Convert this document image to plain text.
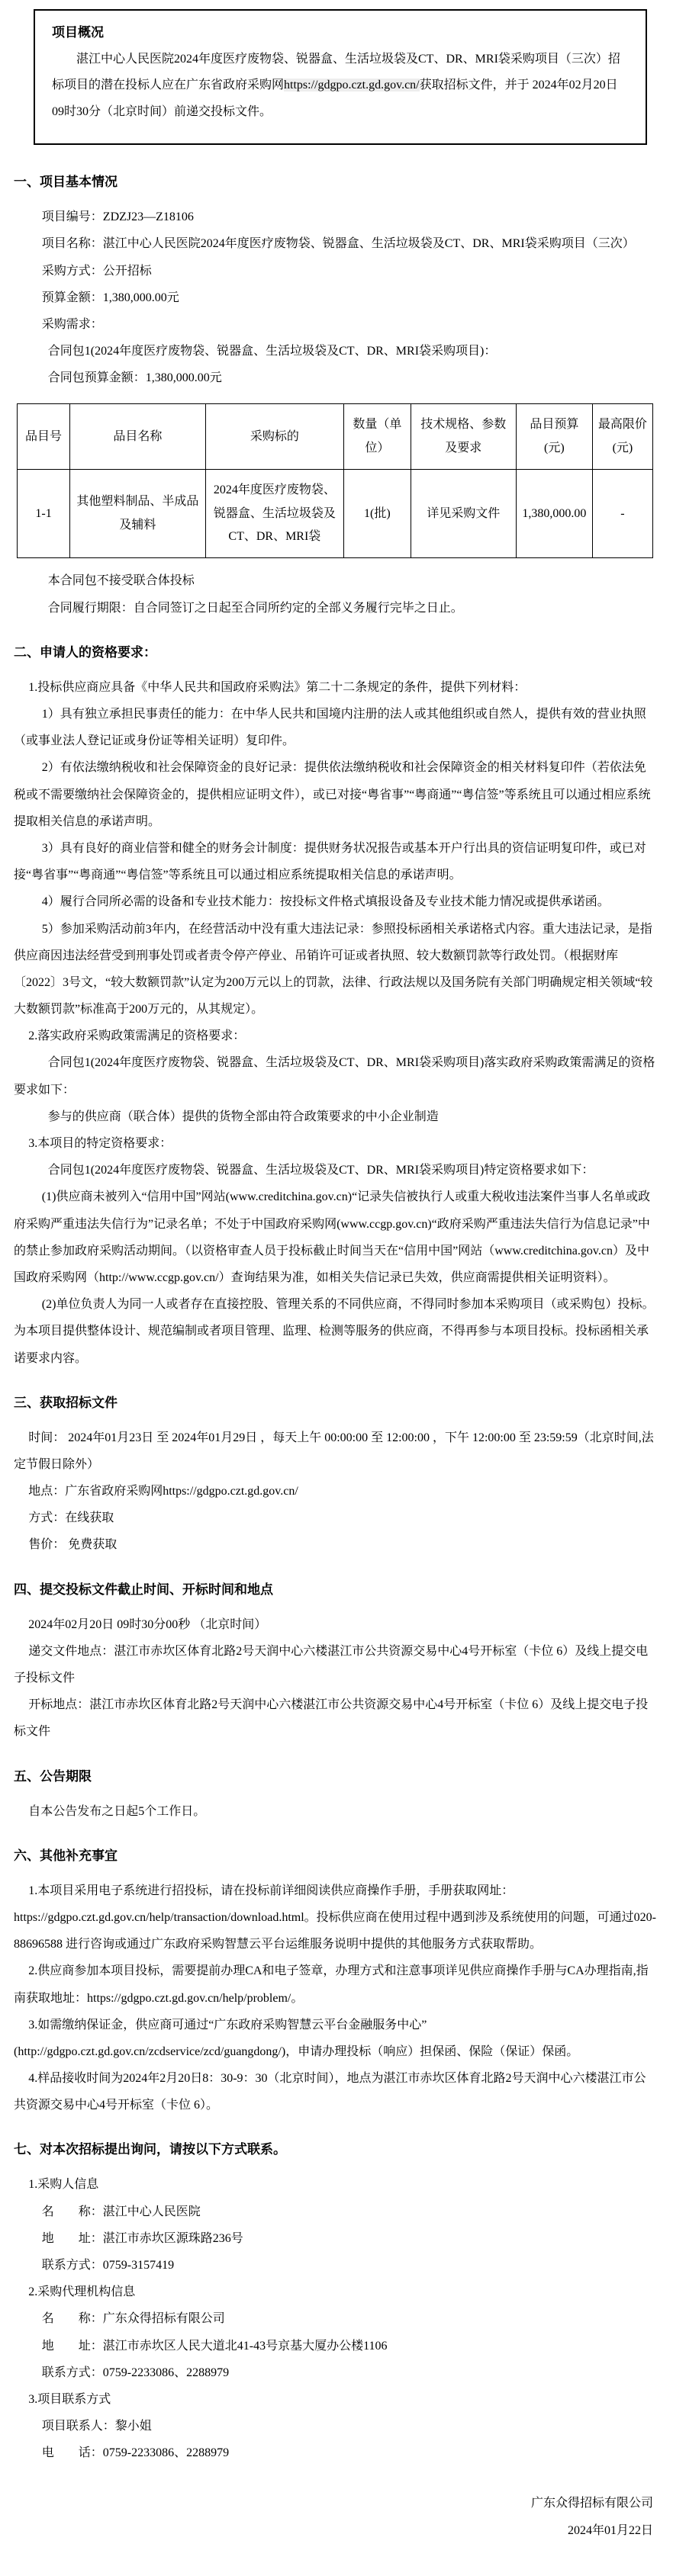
项目概况

湛江中心人民医院2024年度医疗废物袋、锐器盒、生活垃圾袋及CT、DR、MRI袋采购项目（三次）招标项目的潜在投标人应在广东省政府采购网https://gdgpo.czt.gd.gov.cn/获取招标文件，并于 2024年02月20日 09时30分（北京时间）前递交投标文件。

一、项目基本情况

项目编号：ZDZJ23—Z18106

项目名称：湛江中心人民医院2024年度医疗废物袋、锐器盒、生活垃圾袋及CT、DR、MRI袋采购项目（三次）

采购方式：公开招标

预算金额：1,380,000.00元

采购需求：

合同包1(2024年度医疗废物袋、锐器盒、生活垃圾袋及CT、DR、MRI袋采购项目)：

合同包预算金额：1,380,000.00元

品目号	品目名称	采购标的	数量（单位）	技术规格、参数及要求	品目预算(元)	最高限价(元)
1-1	其他塑料制品、半成品及辅料	2024年度医疗废物袋、锐器盒、生活垃圾袋及CT、DR、MRI袋	1(批)	详见采购文件	1,380,000.00	-

本合同包不接受联合体投标

合同履行期限：自合同签订之日起至合同所约定的全部义务履行完毕之日止。

二、申请人的资格要求：

1.投标供应商应具备《中华人民共和国政府采购法》第二十二条规定的条件，提供下列材料：

1）具有独立承担民事责任的能力：在中华人民共和国境内注册的法人或其他组织或自然人，提供有效的营业执照（或事业法人登记证或身份证等相关证明）复印件。

2）有依法缴纳税收和社会保障资金的良好记录：提供依法缴纳税收和社会保障资金的相关材料复印件（若依法免税或不需要缴纳社会保障资金的，提供相应证明文件），或已对接“粤省事”“粤商通”“粤信签”等系统且可以通过相应系统提取相关信息的承诺声明。

3）具有良好的商业信誉和健全的财务会计制度：提供财务状况报告或基本开户行出具的资信证明复印件，或已对接“粤省事”“粤商通”“粤信签”等系统且可以通过相应系统提取相关信息的承诺声明。

4）履行合同所必需的设备和专业技术能力：按投标文件格式填报设备及专业技术能力情况或提供承诺函。

5）参加采购活动前3年内，在经营活动中没有重大违法记录：参照投标函相关承诺格式内容。重大违法记录，是指供应商因违法经营受到刑事处罚或者责令停产停业、吊销许可证或者执照、较大数额罚款等行政处罚。（根据财库〔2022〕3号文，“较大数额罚款”认定为200万元以上的罚款，法律、行政法规以及国务院有关部门明确规定相关领域“较大数额罚款”标准高于200万元的，从其规定）。

2.落实政府采购政策需满足的资格要求：

合同包1(2024年度医疗废物袋、锐器盒、生活垃圾袋及CT、DR、MRI袋采购项目)落实政府采购政策需满足的资格要求如下：

参与的供应商（联合体）提供的货物全部由符合政策要求的中小企业制造

3.本项目的特定资格要求：

合同包1(2024年度医疗废物袋、锐器盒、生活垃圾袋及CT、DR、MRI袋采购项目)特定资格要求如下：

(1)供应商未被列入“信用中国”网站(www.creditchina.gov.cn)“记录失信被执行人或重大税收违法案件当事人名单或政府采购严重违法失信行为”记录名单；不处于中国政府采购网(www.ccgp.gov.cn)“政府采购严重违法失信行为信息记录”中的禁止参加政府采购活动期间。（以资格审查人员于投标截止时间当天在“信用中国”网站（www.creditchina.gov.cn）及中国政府采购网（http://www.ccgp.gov.cn/）查询结果为准，如相关失信记录已失效，供应商需提供相关证明资料）。

(2)单位负责人为同一人或者存在直接控股、管理关系的不同供应商，不得同时参加本采购项目（或采购包）投标。为本项目提供整体设计、规范编制或者项目管理、监理、检测等服务的供应商，不得再参与本项目投标。投标函相关承诺要求内容。

三、获取招标文件

时间： 2024年01月23日 至 2024年01月29日 ，每天上午 00:00:00 至 12:00:00 ，下午 12:00:00 至 23:59:59（北京时间,法定节假日除外）

地点：广东省政府采购网https://gdgpo.czt.gd.gov.cn/

方式：在线获取

售价： 免费获取

四、提交投标文件截止时间、开标时间和地点

2024年02月20日 09时30分00秒 （北京时间）

递交文件地点：湛江市赤坎区体育北路2号天润中心六楼湛江市公共资源交易中心4号开标室（卡位 6）及线上提交电子投标文件

开标地点：湛江市赤坎区体育北路2号天润中心六楼湛江市公共资源交易中心4号开标室（卡位 6）及线上提交电子投标文件

五、公告期限

自本公告发布之日起5个工作日。

六、其他补充事宜

1.本项目采用电子系统进行招投标，请在投标前详细阅读供应商操作手册，手册获取网址：https://gdgpo.czt.gd.gov.cn/help/transaction/download.html。投标供应商在使用过程中遇到涉及系统使用的问题，可通过020-88696588 进行咨询或通过广东政府采购智慧云平台运维服务说明中提供的其他服务方式获取帮助。

2.供应商参加本项目投标，需要提前办理CA和电子签章，办理方式和注意事项详见供应商操作手册与CA办理指南,指南获取地址：https://gdgpo.czt.gd.gov.cn/help/problem/。

3.如需缴纳保证金，供应商可通过“广东政府采购智慧云平台金融服务中心”(http://gdgpo.czt.gd.gov.cn/zcdservice/zcd/guangdong/)，申请办理投标（响应）担保函、保险（保证）保函。

4.样品接收时间为2024年2月20日8：30-9：30（北京时间），地点为湛江市赤坎区体育北路2号天润中心六楼湛江市公共资源交易中心4号开标室（卡位 6）。

七、对本次招标提出询问，请按以下方式联系。

1.采购人信息

名　　称：湛江中心人民医院

地　　址：湛江市赤坎区源珠路236号

联系方式：0759-3157419

2.采购代理机构信息

名　　称：广东众得招标有限公司

地　　址：湛江市赤坎区人民大道北41-43号京基大厦办公楼1106

联系方式：0759-2233086、2288979

3.项目联系方式

项目联系人：黎小姐

电　　话：0759-2233086、2288979

广东众得招标有限公司
2024年01月22日
